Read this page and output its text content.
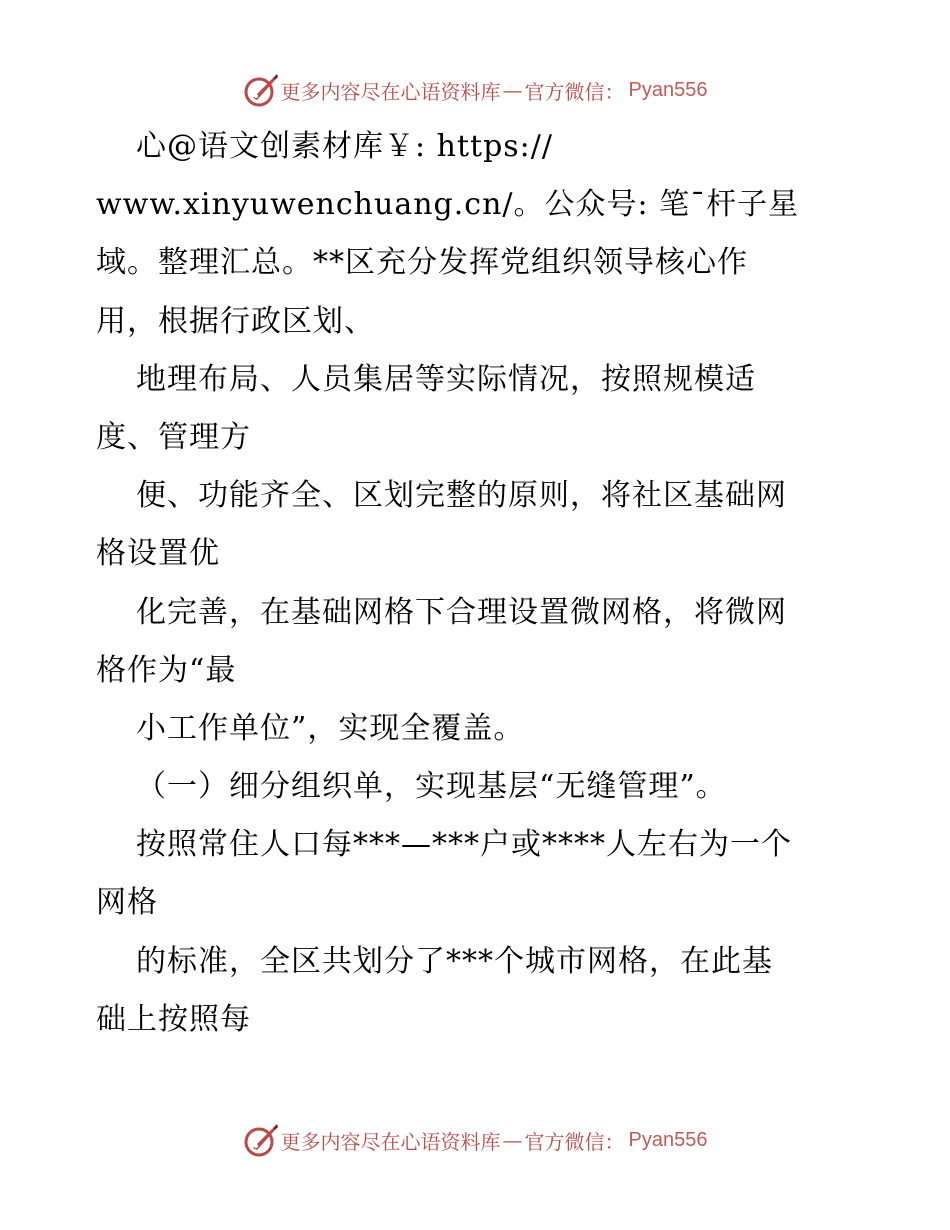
更多内容尽在心语资料库 — 官方微信： Pyan556
心@语文创素材库￥: https://
www.xinyuwenchuang.cn/。公众号: 笔¯杆子星
域。整理汇总。**区充分发挥党组织领导核心作
用，根据行政区划、
地理布局、人员集居等实际情况，按照规模适
度、管理方
便、功能齐全、区划完整的原则，将社区基础网
格设置优
化完善，在基础网格下合理设置微网格，将微网
格作为“最
小工作单位”，实现全覆盖。
（一）细分组织单，实现基层“无缝管理”。
按照常住人口每***—***户或****人左右为一个
网格
的标准，全区共划分了***个城市网格，在此基
础上按照每
更多内容尽在心语资料库 — 官方微信： Pyan556
